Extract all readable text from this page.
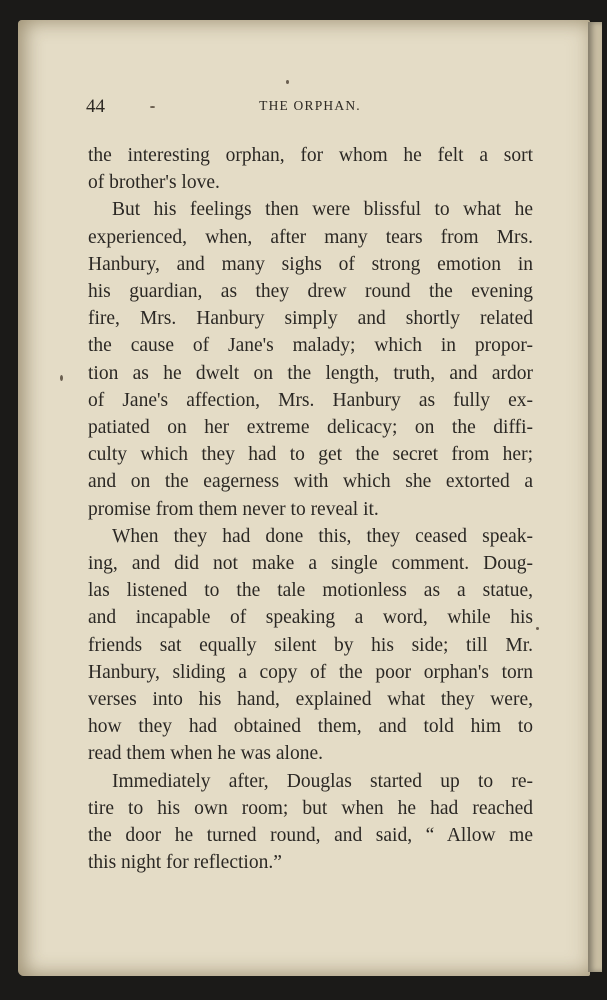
44	THE ORPHAN.
the interesting orphan, for whom he felt a sort
of brother's love.
But his feelings then were blissful to what he
experienced, when, after many tears from Mrs.
Hanbury, and many sighs of strong emotion in
his guardian, as they drew round the evening
fire, Mrs. Hanbury simply and shortly related
the cause of Jane's malady; which in propor-
tion as he dwelt on the length, truth, and ardor
of Jane's affection, Mrs. Hanbury as fully ex-
patiated on her extreme delicacy; on the diffi-
culty which they had to get the secret from her;
and on the eagerness with which she extorted a
promise from them never to reveal it.
When they had done this, they ceased speak-
ing, and did not make a single comment. Doug-
las listened to the tale motionless as a statue,
and incapable of speaking a word, while his
friends sat equally silent by his side; till Mr.
Hanbury, sliding a copy of the poor orphan's torn
verses into his hand, explained what they were,
how they had obtained them, and told him to
read them when he was alone.
Immediately after, Douglas started up to re-
tire to his own room; but when he had reached
the door he turned round, and said, “ Allow me
this night for reflection.”
